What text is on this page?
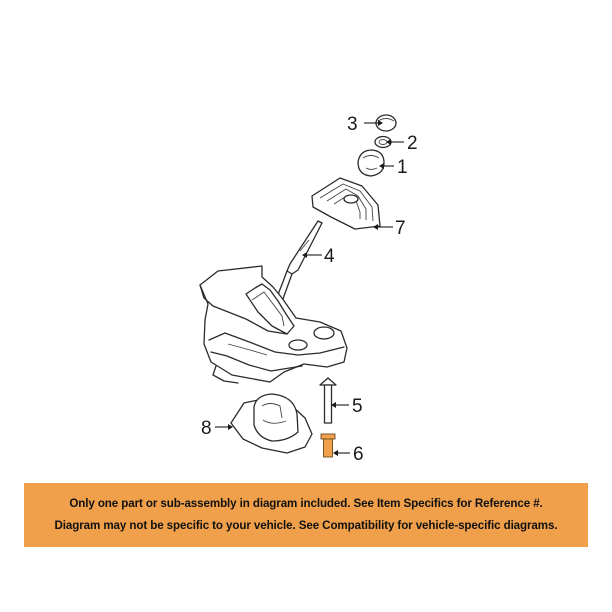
3
2
1
7
4
5
8
6
Only one part or sub-assembly in diagram included. See Item Specifics for Reference #.
Diagram may not be specific to your vehicle. See Compatibility for vehicle-specific diagrams.
